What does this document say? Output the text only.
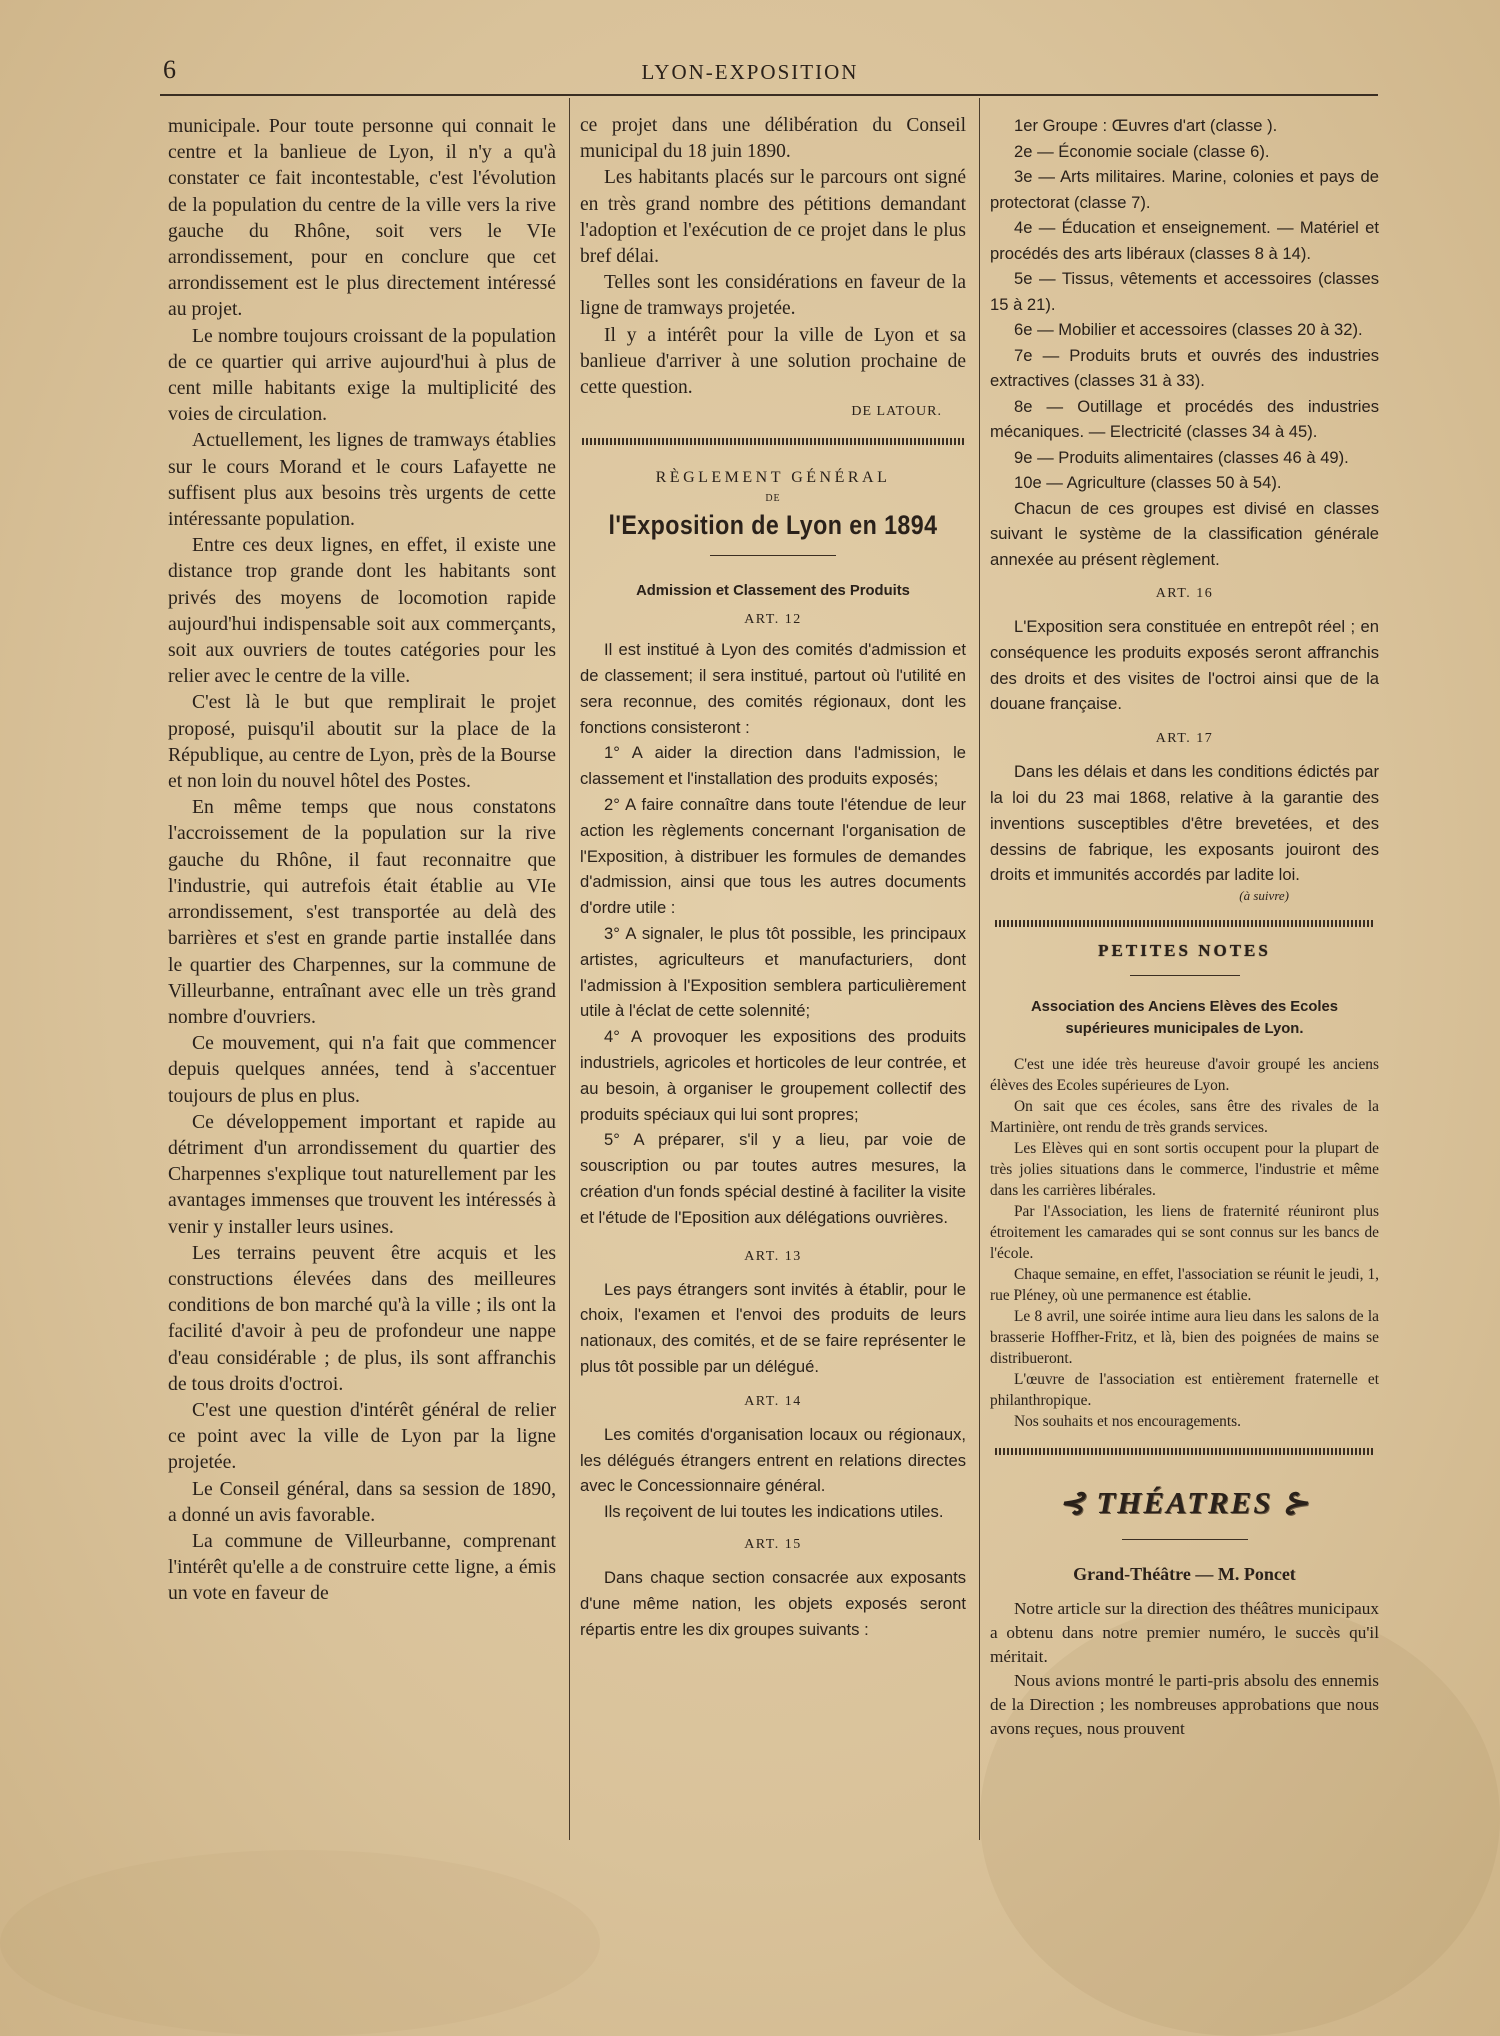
6	LYON-EXPOSITION

municipale. Pour toute personne qui connait le centre et la banlieue de Lyon, il n'y a qu'à constater ce fait incontestable, c'est l'évolution de la population du centre de la ville vers la rive gauche du Rhône, soit vers le VIe arrondissement, pour en conclure que cet arrondissement est le plus directement intéressé au projet.

Le nombre toujours croissant de la population de ce quartier qui arrive aujourd'hui à plus de cent mille habitants exige la multiplicité des voies de circulation.

Actuellement, les lignes de tramways établies sur le cours Morand et le cours Lafayette ne suffisent plus aux besoins très urgents de cette intéressante population.

Entre ces deux lignes, en effet, il existe une distance trop grande dont les habitants sont privés des moyens de locomotion rapide aujourd'hui indispensable soit aux commerçants, soit aux ouvriers de toutes catégories pour les relier avec le centre de la ville.

C'est là le but que remplirait le projet proposé, puisqu'il aboutit sur la place de la République, au centre de Lyon, près de la Bourse et non loin du nouvel hôtel des Postes.

En même temps que nous constatons l'accroissement de la population sur la rive gauche du Rhône, il faut reconnaitre que l'industrie, qui autrefois était établie au VIe arrondissement, s'est transportée au delà des barrières et s'est en grande partie installée dans le quartier des Charpennes, sur la commune de Villeurbanne, entraînant avec elle un très grand nombre d'ouvriers.

Ce mouvement, qui n'a fait que commencer depuis quelques années, tend à s'accentuer toujours de plus en plus.

Ce développement important et rapide au détriment d'un arrondissement du quartier des Charpennes s'explique tout naturellement par les avantages immenses que trouvent les intéressés à venir y installer leurs usines.

Les terrains peuvent être acquis et les constructions élevées dans des meilleures conditions de bon marché qu'à la ville ; ils ont la facilité d'avoir à peu de profondeur une nappe d'eau considérable ; de plus, ils sont affranchis de tous droits d'octroi.

C'est une question d'intérêt général de relier ce point avec la ville de Lyon par la ligne projetée.

Le Conseil général, dans sa session de 1890, a donné un avis favorable.

La commune de Villeurbanne, comprenant l'intérêt qu'elle a de construire cette ligne, a émis un vote en faveur de

ce projet dans une délibération du Conseil municipal du 18 juin 1890.

Les habitants placés sur le parcours ont signé en très grand nombre des pétitions demandant l'adoption et l'exécution de ce projet dans le plus bref délai.

Telles sont les considérations en faveur de la ligne de tramways projetée.

Il y a intérêt pour la ville de Lyon et sa banlieue d'arriver à une solution prochaine de cette question.

DE LATOUR.

RÈGLEMENT GÉNÉRAL

DE

l'Exposition de Lyon en 1894

Admission et Classement des Produits

ART. 12

Il est institué à Lyon des comités d'admission et de classement; il sera institué, partout où l'utilité en sera reconnue, des comités régionaux, dont les fonctions consisteront :

1° A aider la direction dans l'admission, le classement et l'installation des produits exposés;

2° A faire connaître dans toute l'étendue de leur action les règlements concernant l'organisation de l'Exposition, à distribuer les formules de demandes d'admission, ainsi que tous les autres documents d'ordre utile :

3° A signaler, le plus tôt possible, les principaux artistes, agriculteurs et manufacturiers, dont l'admission à l'Exposition semblera particulièrement utile à l'éclat de cette solennité;

4° A provoquer les expositions des produits industriels, agricoles et horticoles de leur contrée, et au besoin, à organiser le groupement collectif des produits spéciaux qui lui sont propres;

5° A préparer, s'il y a lieu, par voie de souscription ou par toutes autres mesures, la création d'un fonds spécial destiné à faciliter la visite et l'étude de l'Eposition aux délégations ouvrières.

ART. 13

Les pays étrangers sont invités à établir, pour le choix, l'examen et l'envoi des produits de leurs nationaux, des comités, et de se faire représenter le plus tôt possible par un délégué.

ART. 14

Les comités d'organisation locaux ou régionaux, les délégués étrangers entrent en relations directes avec le Concessionnaire général.

Ils reçoivent de lui toutes les indications utiles.

ART. 15

Dans chaque section consacrée aux exposants d'une même nation, les objets exposés seront répartis entre les dix groupes suivants :

1er Groupe : Œuvres d'art (classe ).

2e — Économie sociale (classe 6).

3e — Arts militaires. Marine, colonies et pays de protectorat (classe 7).

4e — Éducation et enseignement. — Matériel et procédés des arts libéraux (classes 8 à 14).

5e — Tissus, vêtements et accessoires (classes 15 à 21).

6e — Mobilier et accessoires (classes 20 à 32).

7e — Produits bruts et ouvrés des industries extractives (classes 31 à 33).

8e — Outillage et procédés des industries mécaniques. — Electricité (classes 34 à 45).

9e — Produits alimentaires (classes 46 à 49).

10e — Agriculture (classes 50 à 54).

Chacun de ces groupes est divisé en classes suivant le système de la classification générale annexée au présent règlement.

ART. 16

L'Exposition sera constituée en entrepôt réel ; en conséquence les produits exposés seront affranchis des droits et des visites de l'octroi ainsi que de la douane française.

ART. 17

Dans les délais et dans les conditions édictés par la loi du 23 mai 1868, relative à la garantie des inventions susceptibles d'être brevetées, et des dessins de fabrique, les exposants jouiront des droits et immunités accordés par ladite loi.

(à suivre)

PETITES NOTES

Association des Anciens Elèves des Ecoles supérieures municipales de Lyon.

C'est une idée très heureuse d'avoir groupé les anciens élèves des Ecoles supérieures de Lyon.

On sait que ces écoles, sans être des rivales de la Martinière, ont rendu de très grands services.

Les Elèves qui en sont sortis occupent pour la plupart de très jolies situations dans le commerce, l'industrie et même dans les carrières libérales.

Par l'Association, les liens de fraternité réuniront plus étroitement les camarades qui se sont connus sur les bancs de l'école.

Chaque semaine, en effet, l'association se réunit le jeudi, 1, rue Pléney, où une permanence est établie.

Le 8 avril, une soirée intime aura lieu dans les salons de la brasserie Hoffher-Fritz, et là, bien des poignées de mains se distribueront.

L'œuvre de l'association est entièrement fraternelle et philanthropique.

Nos souhaits et nos encouragements.

⊰ THÉATRES ⊱

Grand-Théâtre — M. Poncet

Notre article sur la direction des théâtres municipaux a obtenu dans notre premier numéro, le succès qu'il méritait.

Nous avions montré le parti-pris absolu des ennemis de la Direction ; les nombreuses approbations que nous avons reçues, nous prouvent
